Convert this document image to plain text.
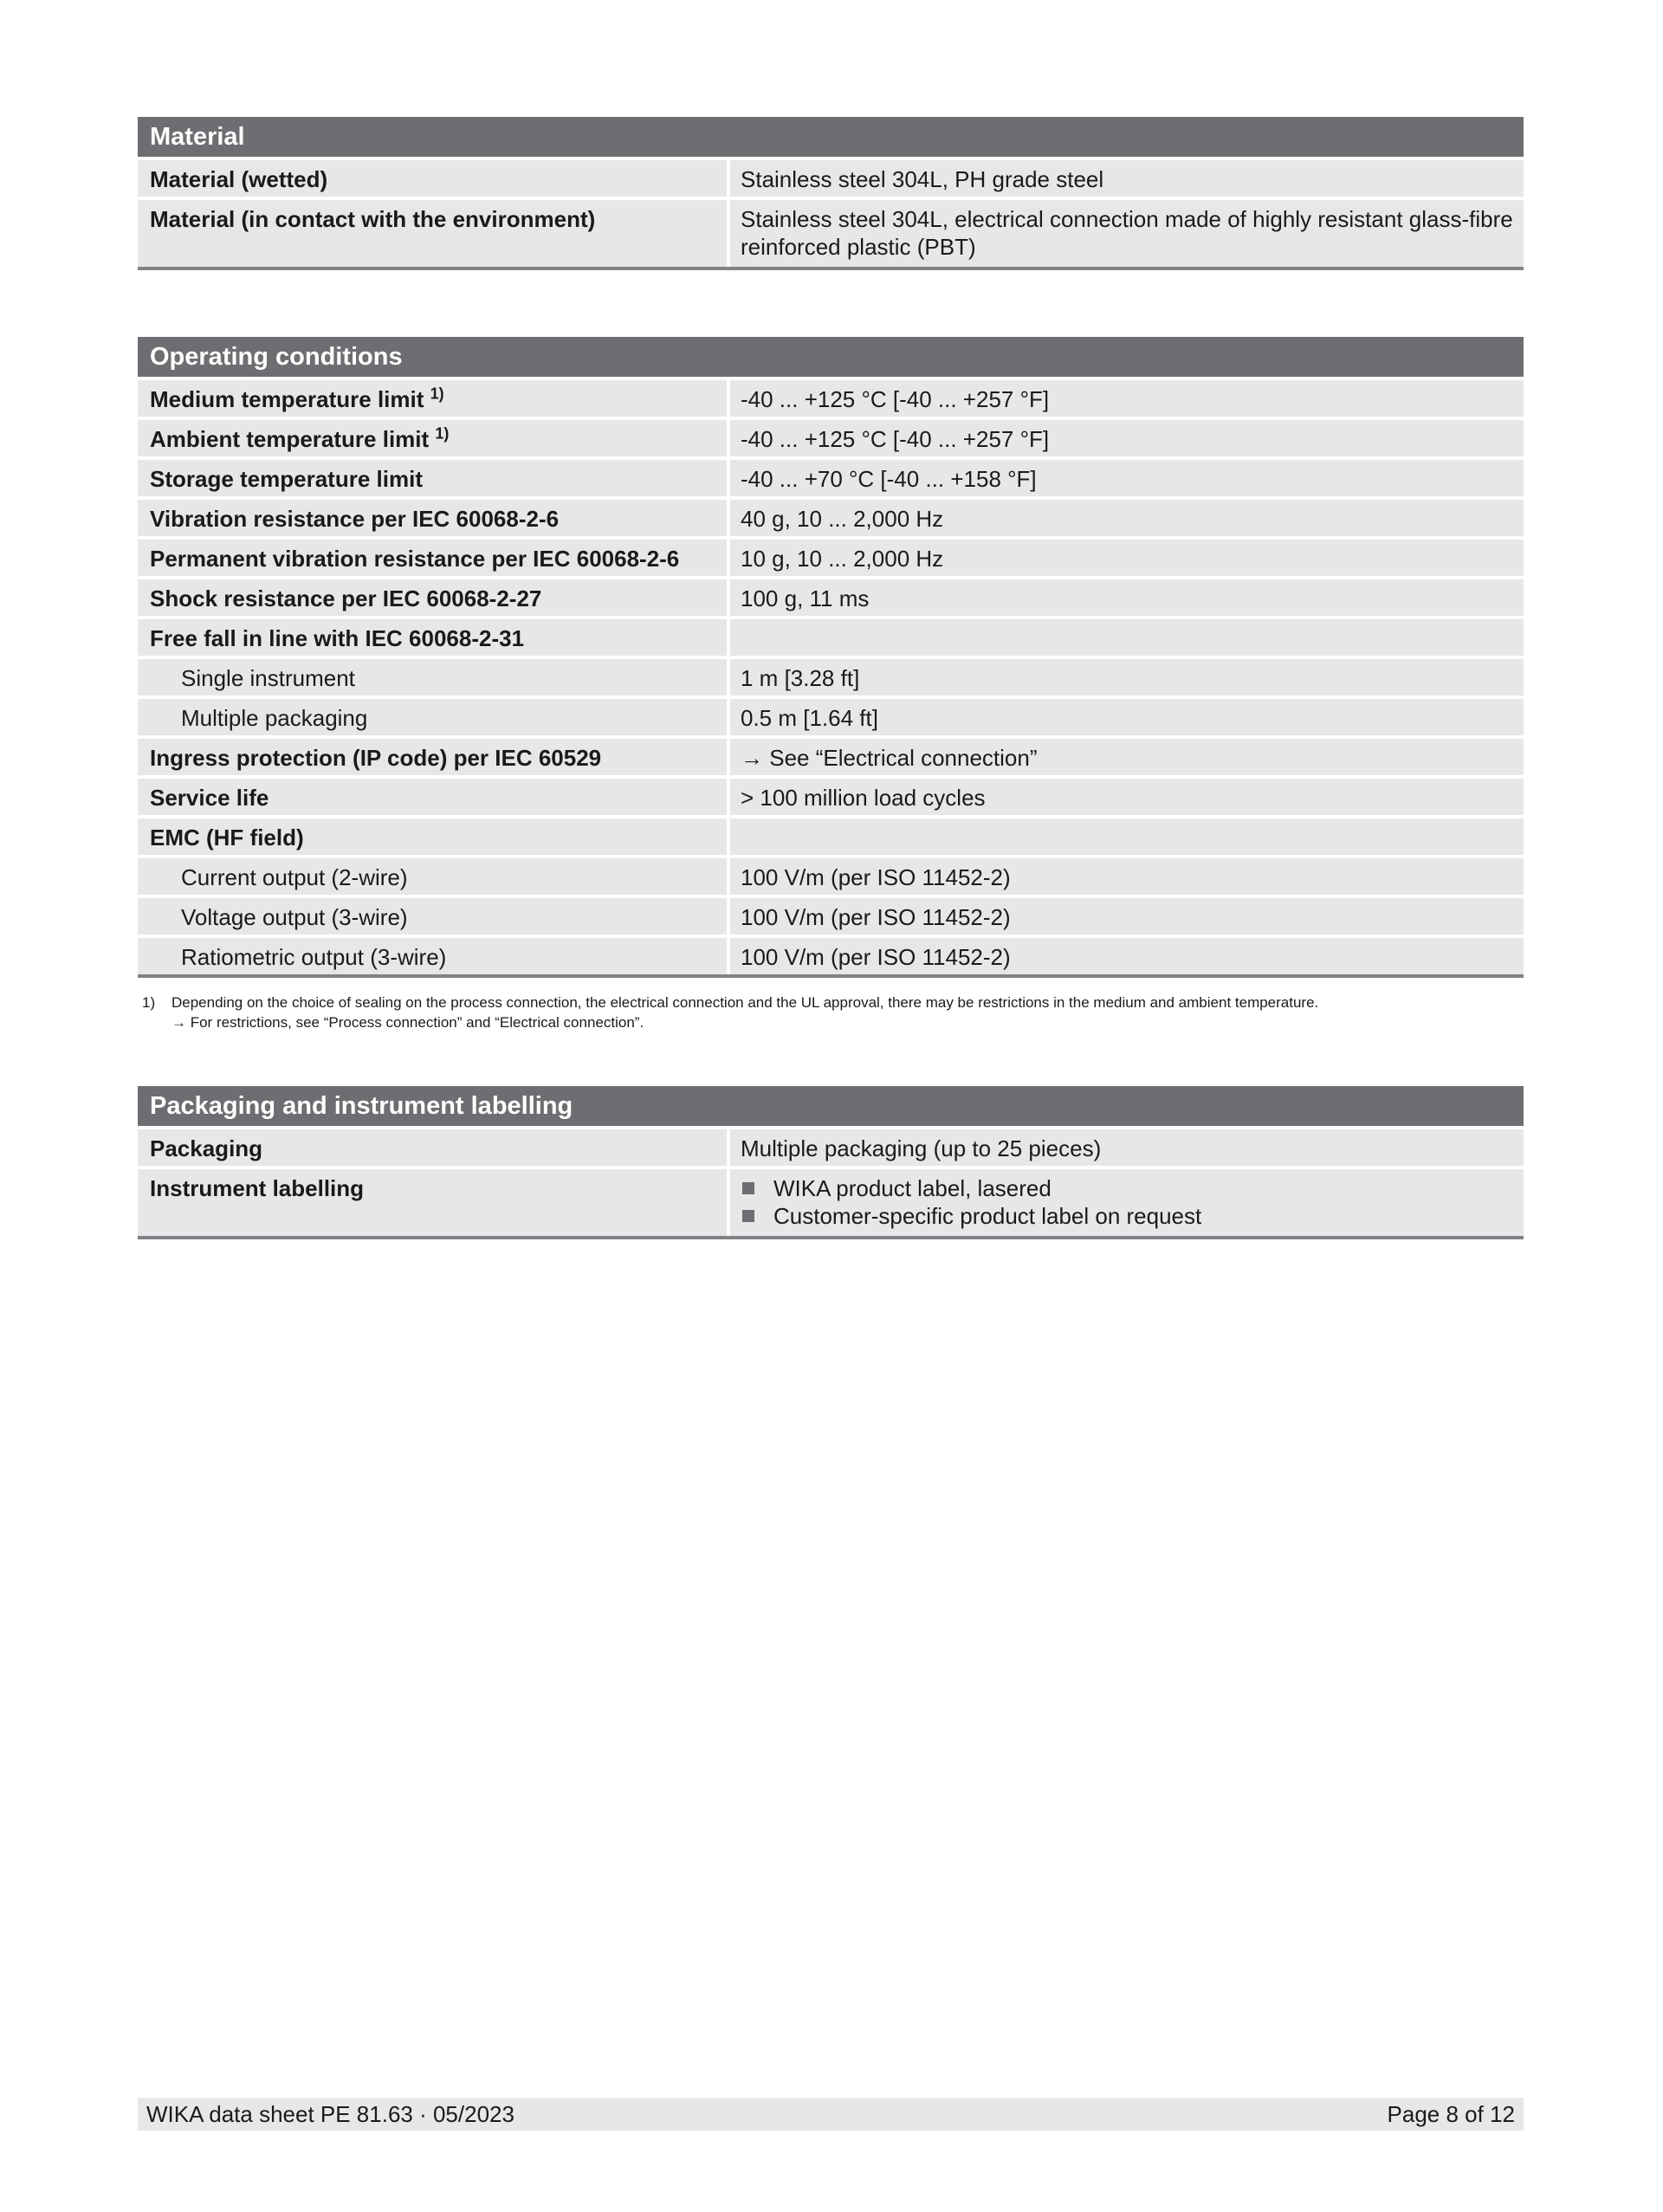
Material
Material (wetted)	Stainless steel 304L, PH grade steel
Material (in contact with the environment)	Stainless steel 304L, electrical connection made of highly resistant glass-fibre reinforced plastic (PBT)
Operating conditions
Medium temperature limit $^{1)}$	-40 ... +125 °C [-40 ... +257 °F]
Ambient temperature limit $^{1)}$	-40 ... +125 °C [-40 ... +257 °F]
Storage temperature limit	-40 ... +70 °C [-40 ... +158 °F]
Vibration resistance per IEC 60068-2-6	40 g, 10 ... 2,000 Hz
Permanent vibration resistance per IEC 60068-2-6	10 g, 10 ... 2,000 Hz
Shock resistance per IEC 60068-2-27	100 g, 11 ms
Free fall in line with IEC 60068-2-31
Single instrument	1 m [3.28 ft]
Multiple packaging	0.5 m [1.64 ft]
Ingress protection (IP code) per IEC 60529	→ See “Electrical connection”
Service life	> 100 million load cycles
EMC (HF field)
Current output (2-wire)	100 V/m (per ISO 11452-2)
Voltage output (3-wire)	100 V/m (per ISO 11452-2)
Ratiometric output (3-wire)	100 V/m (per ISO 11452-2)
1) Depending on the choice of sealing on the process connection, the electrical connection and the UL approval, there may be restrictions in the medium and ambient temperature.
→ For restrictions, see “Process connection” and “Electrical connection”.
Packaging and instrument labelling
Packaging	Multiple packaging (up to 25 pieces)
Instrument labelling	WIKA product label, lasered
Customer-specific product label on request
WIKA data sheet PE 81.63 · 05/2023	Page 8 of 12
